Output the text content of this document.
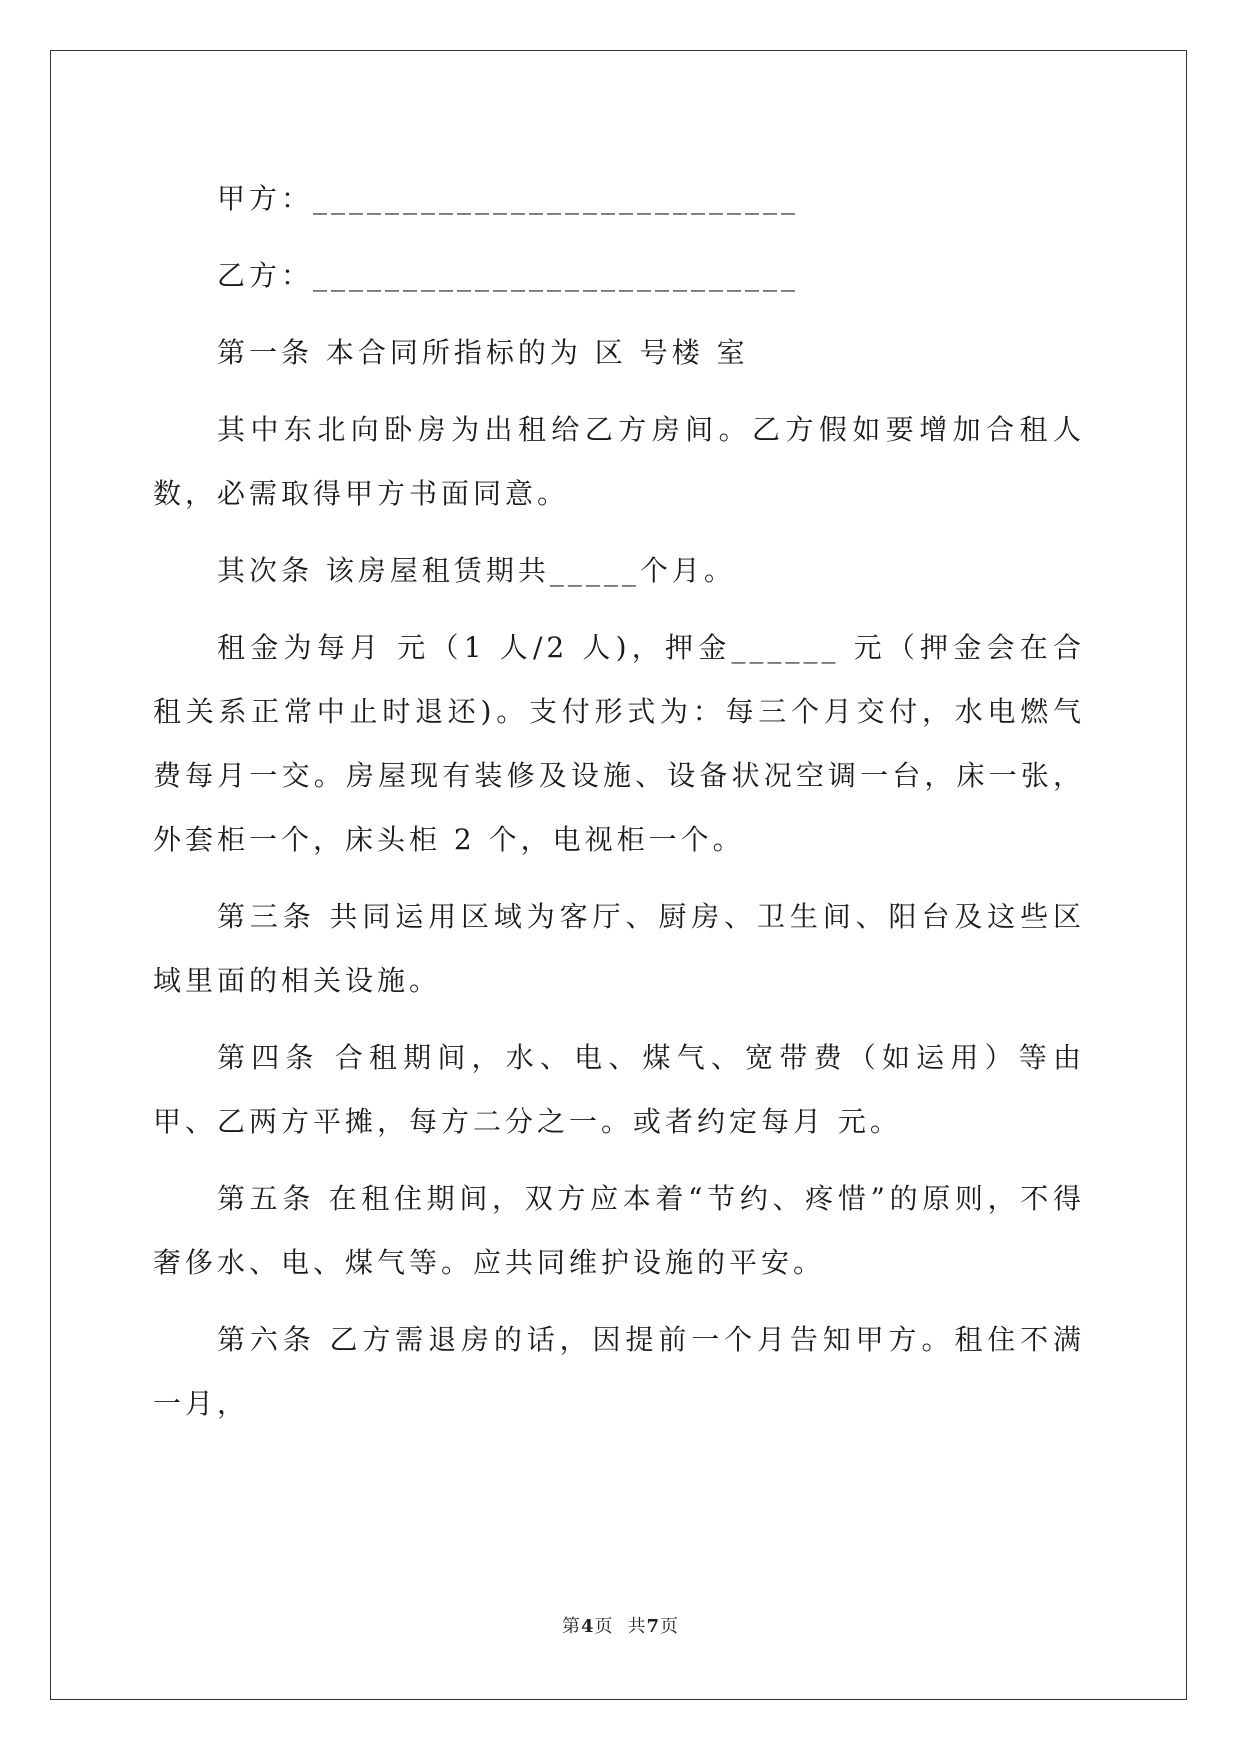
甲方：___________________________

乙方：___________________________

第一条 本合同所指标的为 区 号楼 室

其中东北向卧房为出租给乙方房间。乙方假如要增加合租人数，必需取得甲方书面同意。

其次条 该房屋租赁期共_____个月。

租金为每月 元（1 人/2 人)，押金______ 元（押金会在合租关系正常中止时退还)。支付形式为：每三个月交付，水电燃气费每月一交。房屋现有装修及设施、设备状况空调一台，床一张，外套柜一个，床头柜 2 个，电视柜一个。

第三条 共同运用区域为客厅、厨房、卫生间、阳台及这些区域里面的相关设施。

第四条 合租期间，水、电、煤气、宽带费（如运用）等由甲、乙两方平摊，每方二分之一。或者约定每月 元。

第五条 在租住期间，双方应本着“节约、疼惜”的原则，不得奢侈水、电、煤气等。应共同维护设施的平安。

第六条 乙方需退房的话，因提前一个月告知甲方。租住不满一月，

第4页 共7页
